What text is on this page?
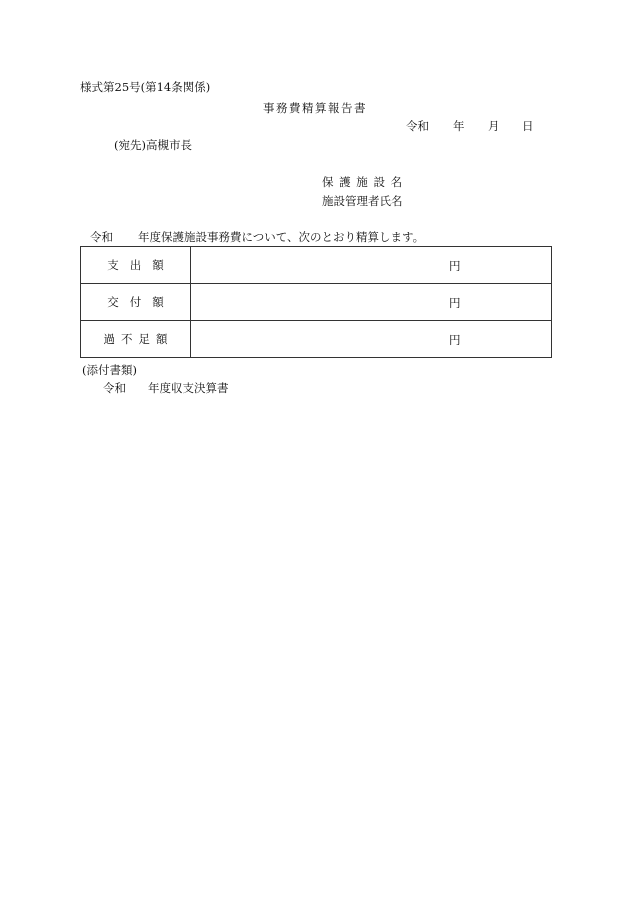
様式第25号(第14条関係)
事務費精算報告書
令和 年 月 日
(宛先)高槻市長
保 護 施 設 名
施設管理者氏名
令和 年度保護施設事務費について、次のとおり精算します。
支出額	円

交付額	円

過不足額	円
(添付書類)
令和 年度収支決算書
